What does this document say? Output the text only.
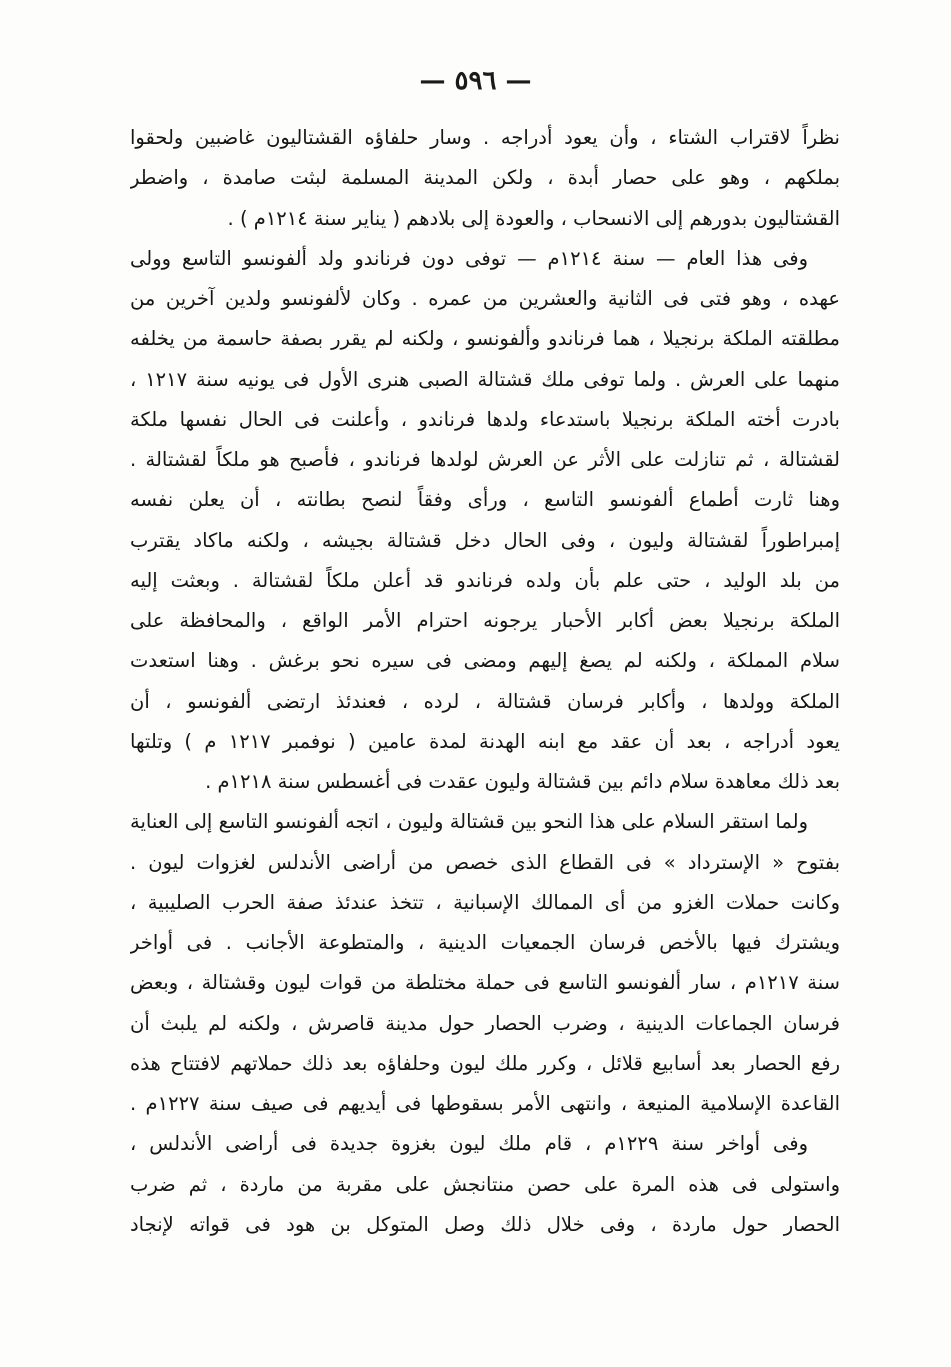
— ٥٩٦ —
نظراً لاقتراب الشتاء ، وأن يعود أدراجه . وسار حلفاؤه القشتاليون غاضبين ولحقوا
بملكهم ، وهو على حصار أبدة ، ولكن المدينة المسلمة لبثت صامدة ، واضطر
القشتاليون بدورهم إلى الانسحاب ، والعودة إلى بلادهم ( يناير سنة ١٢١٤م ) .
وفى هذا العام — سنة ١٢١٤م — توفى دون فرناندو ولد ألفونسو التاسع وولى
عهده ، وهو فتى فى الثانية والعشرين من عمره . وكان لألفونسو ولدين آخرين من
مطلقته الملكة برنجيلا ، هما فرناندو وألفونسو ، ولكنه لم يقرر بصفة حاسمة من يخلفه
منهما على العرش . ولما توفى ملك قشتالة الصبى هنرى الأول فى يونيه سنة ١٢١٧ ،
بادرت أخته الملكة برنجيلا باستدعاء ولدها فرناندو ، وأعلنت فى الحال نفسها ملكة
لقشتالة ، ثم تنازلت على الأثر عن العرش لولدها فرناندو ، فأصبح هو ملكاً لقشتالة .
وهنا ثارت أطماع ألفونسو التاسع ، ورأى وفقاً لنصح بطانته ، أن يعلن نفسه
إمبراطوراً لقشتالة وليون ، وفى الحال دخل قشتالة بجيشه ، ولكنه ماكاد يقترب
من بلد الوليد ، حتى علم بأن ولده فرناندو قد أعلن ملكاً لقشتالة . وبعثت إليه
الملكة برنجيلا بعض أكابر الأحبار يرجونه احترام الأمر الواقع ، والمحافظة على
سلام المملكة ، ولكنه لم يصغ إليهم ومضى فى سيره نحو برغش . وهنا استعدت
الملكة وولدها ، وأكابر فرسان قشتالة ، لرده ، فعندئذ ارتضى ألفونسو ، أن
يعود أدراجه ، بعد أن عقد مع ابنه الهدنة لمدة عامين ( نوفمبر ١٢١٧ م ) وتلتها
بعد ذلك معاهدة سلام دائم بين قشتالة وليون عقدت فى أغسطس سنة ١٢١٨م .
ولما استقر السلام على هذا النحو بين قشتالة وليون ، اتجه ألفونسو التاسع إلى العناية
بفتوح « الإسترداد » فى القطاع الذى خصص من أراضى الأندلس لغزوات ليون .
وكانت حملات الغزو من أى الممالك الإسبانية ، تتخذ عندئذ صفة الحرب الصليبية ،
ويشترك فيها بالأخص فرسان الجمعيات الدينية ، والمتطوعة الأجانب . فى أواخر
سنة ١٢١٧م ، سار ألفونسو التاسع فى حملة مختلطة من قوات ليون وقشتالة ، وبعض
فرسان الجماعات الدينية ، وضرب الحصار حول مدينة قاصرش ، ولكنه لم يلبث أن
رفع الحصار بعد أسابيع قلائل ، وكرر ملك ليون وحلفاؤه بعد ذلك حملاتهم لافتتاح هذه
القاعدة الإسلامية المنيعة ، وانتهى الأمر بسقوطها فى أيديهم فى صيف سنة ١٢٢٧م .
وفى أواخر سنة ١٢٢٩م ، قام ملك ليون بغزوة جديدة فى أراضى الأندلس ،
واستولى فى هذه المرة على حصن منتانجش على مقربة من ماردة ، ثم ضرب
الحصار حول ماردة ، وفى خلال ذلك وصل المتوكل بن هود فى قواته لإنجاد
